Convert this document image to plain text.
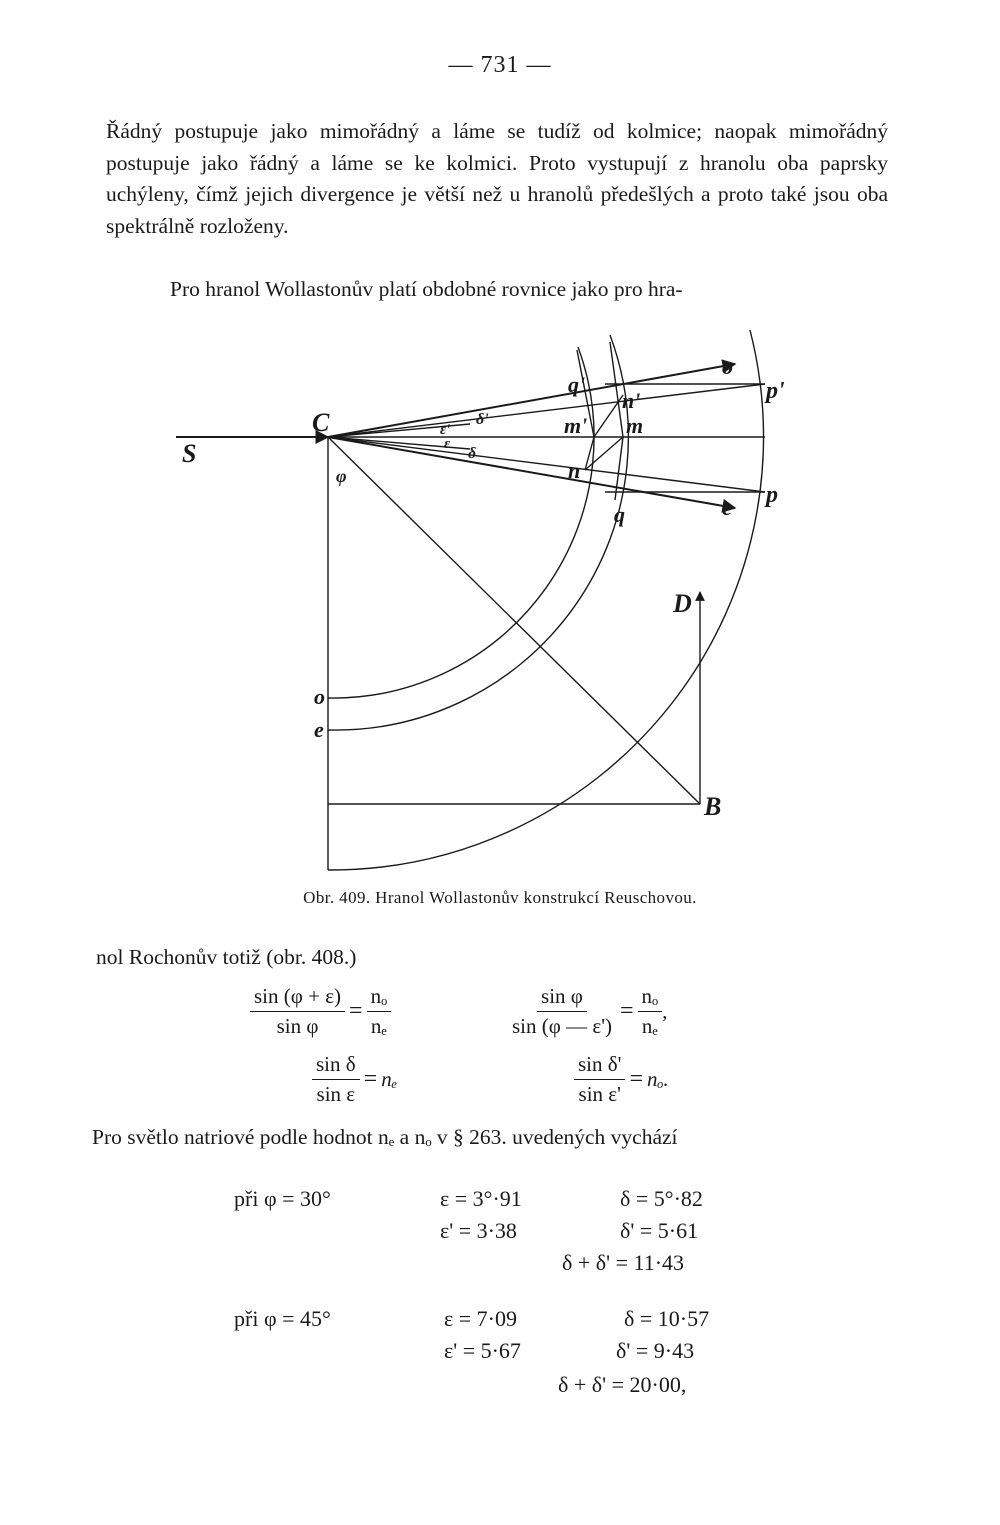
— 731 —

Řádný postupuje jako mimořádný a láme se tudíž od kolmice; naopak mimořádný postupuje jako řádný a láme se ke kolmici. Proto vystupují z hranolu oba paprsky uchýleny, čímž jejich divergence je větší než u hranolů předešlých a proto také jsou oba spektrálně rozloženy.

Pro hranol Wollastonův platí obdobné rovnice jako pro hra-

S
C
φ
q'
n'
m' m
n
q
o
e
p'
p
D
B
o
e
ε'
δ'
ε
δ
Obr. 409. Hranol Wollastonův konstrukcí Reuschovou.

nol Rochonův totiž (obr. 408.)

$\frac{\sin (\varphi + \varepsilon)}{\text{sin φ}} = \frac{\text{nₒ}}{\text{nₑ}}$	$\frac{\text{sin φ}}{\sin (\varphi — \varepsilon')} = \frac{\text{nₒ}}{\text{nₑ}}$ ,
$\frac{\text{sin δ}}{\text{sin ε}} = n_e$	$\frac{\text{sin δ'}}{\text{sin ε'}} = n_o$.

Pro světlo natriové podle hodnot nₑ a nₒ v § 263. uvedených vychází

při φ = 30°	ε = 3°·91	δ = 5°·82
ε' = 3·38	δ' = 5·61
δ + δ' = 11·43
při φ = 45°	ε = 7·09	δ = 10·57
ε' = 5·67	δ' = 9·43
δ + δ' = 20·00,
